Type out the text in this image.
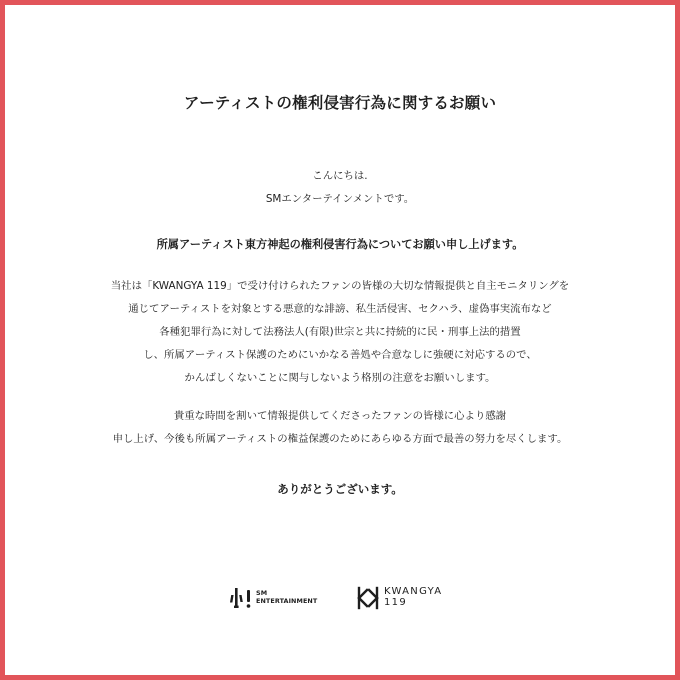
アーティストの権利侵害行為に関するお願い
こんにちは.
SMエンターテインメントです。
所属アーティスト東方神起の権利侵害行為についてお願い申し上げます。
当社は「KWANGYA 119」で受け付けられたファンの皆様の大切な情報提供と自主モニタリングを
通じてアーティストを対象とする悪意的な誹謗、私生活侵害、セクハラ、虚偽事実流布など
各種犯罪行為に対して法務法人(有限)世宗と共に持続的に民・刑事上法的措置
し、所属アーティスト保護のためにいかなる善処や合意なしに強硬に対応するので、
かんばしくないことに関与しないよう格別の注意をお願いします。
貴重な時間を割いて情報提供してくださったファンの皆様に心より感謝
申し上げ、今後も所属アーティストの権益保護のためにあらゆる方面で最善の努力を尽くします。
ありがとうございます。
SM
ENTERTAINMENT
KWANGYA
119
